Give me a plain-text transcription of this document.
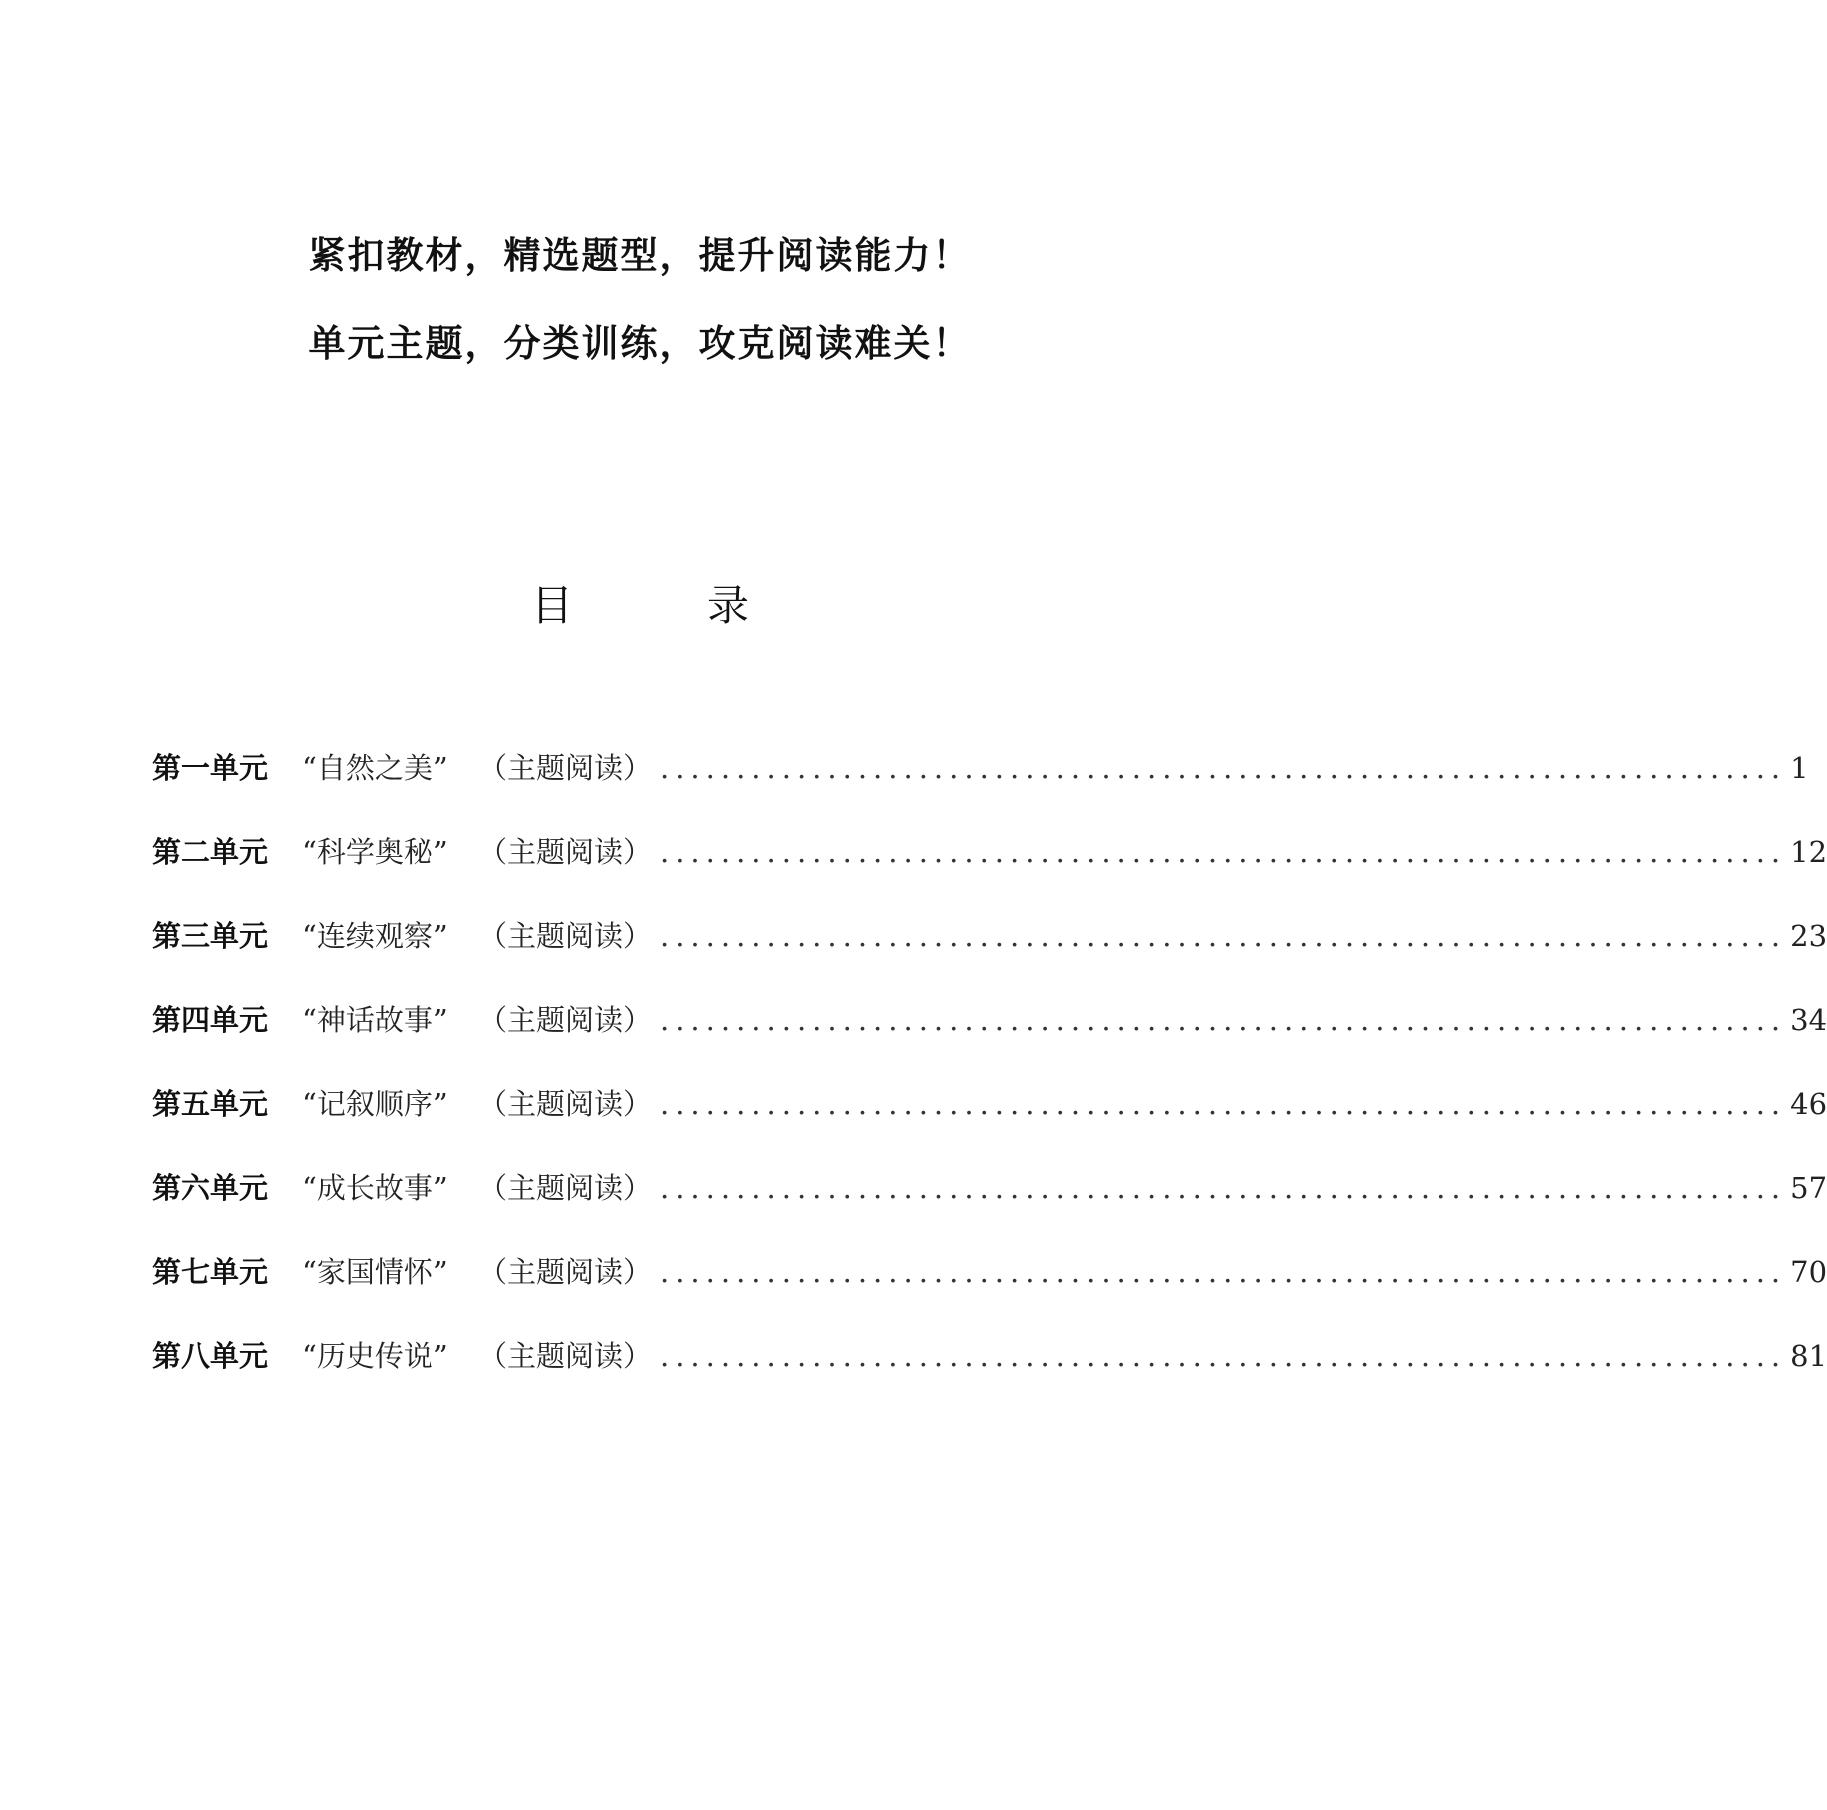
紧扣教材，精选题型，提升阅读能力！
单元主题，分类训练，攻克阅读难关！
目　录
第一单元	“自然之美”	（主题阅读） .......................................................................... 1
第二单元	“科学奥秘”	（主题阅读） .......................................................................... 12
第三单元	“连续观察”	（主题阅读） .......................................................................... 23
第四单元	“神话故事”	（主题阅读） .......................................................................... 34
第五单元	“记叙顺序”	（主题阅读） .......................................................................... 46
第六单元	“成长故事”	（主题阅读） .......................................................................... 57
第七单元	“家国情怀”	（主题阅读） .......................................................................... 70
第八单元	“历史传说”	（主题阅读） .......................................................................... 81
